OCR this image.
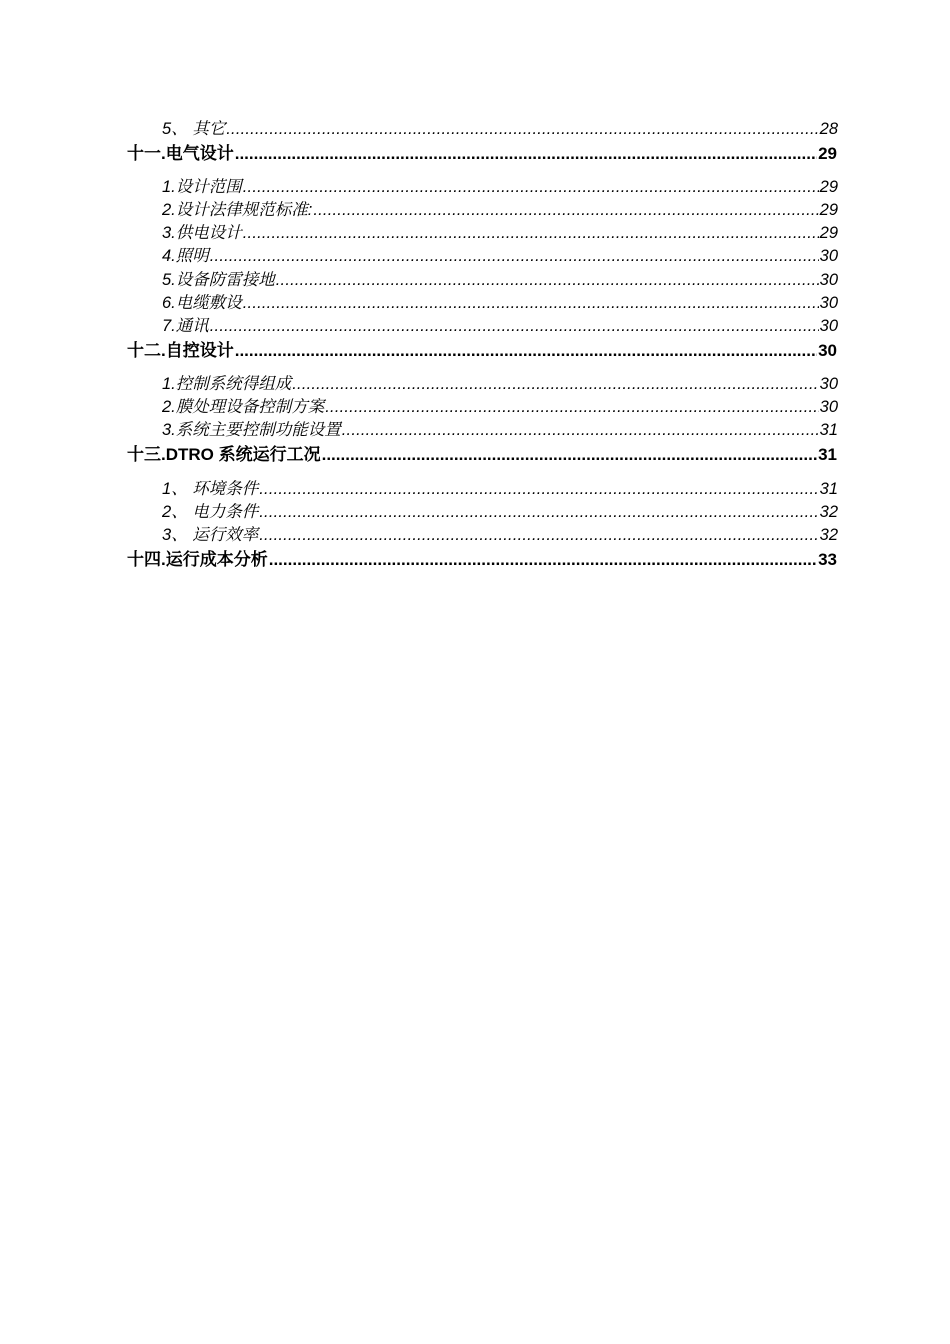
5、 其它 .....	28
十一.电气设计 .....	29
1.设计范围 .....	29
2.设计法律规范标准: .....	29
3.供电设计 .....	29
4.照明 .....	30
5.设备防雷接地 .....	30
6.电缆敷设 .....	30
7.通讯 .....	30
十二.自控设计 .....	30
1.控制系统得组成 .....	30
2.膜处理设备控制方案 .....	30
3.系统主要控制功能设置 .....	31
十三.DTRO 系统运行工况 .....	31
1、 环境条件 .....	31
2、 电力条件 .....	32
3、 运行效率 .....	32
十四.运行成本分析 .....	33
